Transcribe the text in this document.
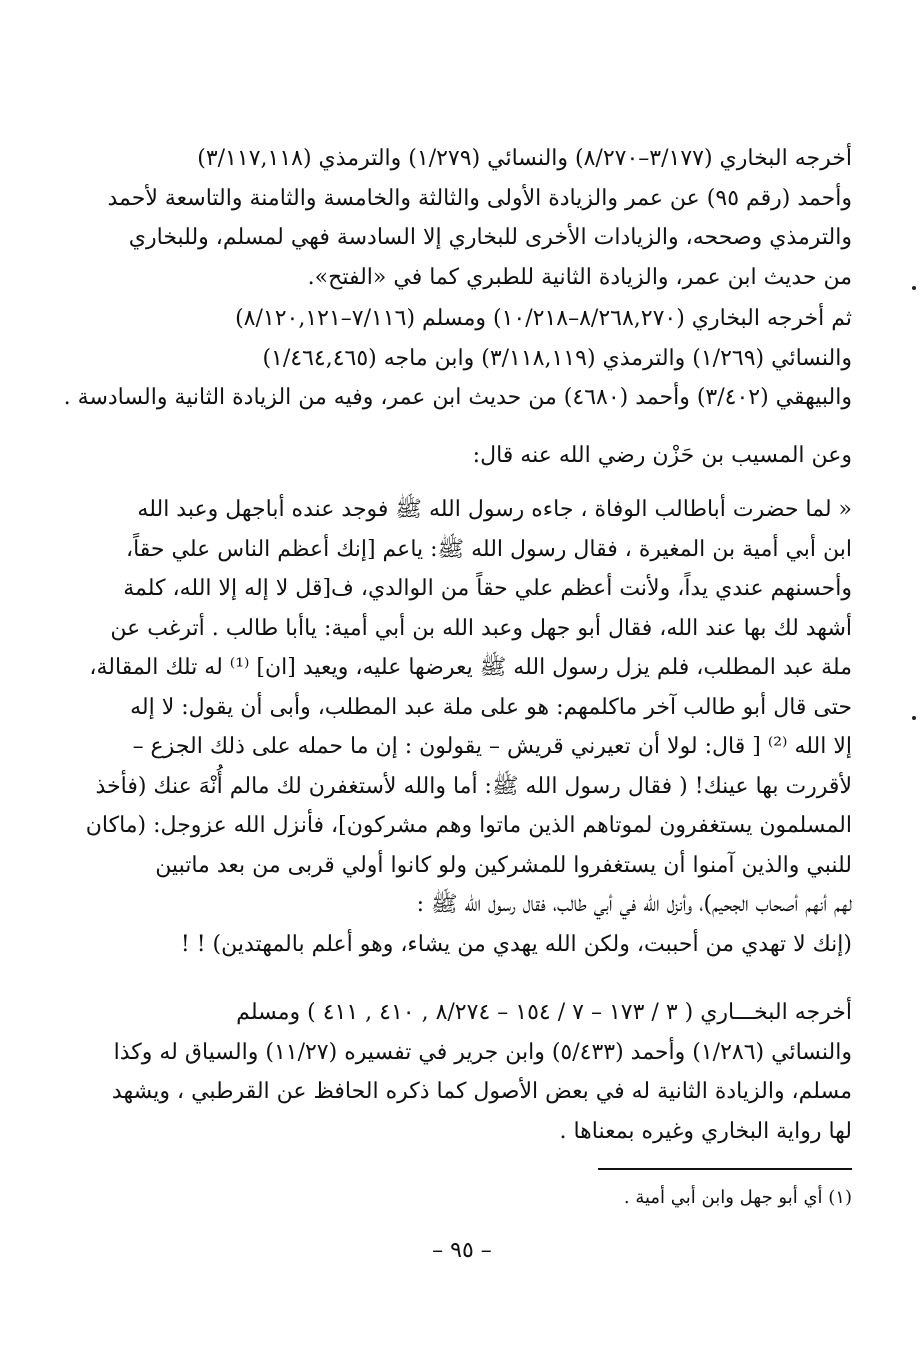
أخرجه البخاري (٣/١٧٧–٨/٢٧٠) والنسائي (١/٢٧٩) والترمذي (٣/١١٧,١١٨)
وأحمد (رقم ٩٥) عن عمر والزيادة الأولى والثالثة والخامسة والثامنة والتاسعة لأحمد
والترمذي وصححه، والزيادات الأخرى للبخاري إلا السادسة فهي لمسلم، وللبخاري
من حديث ابن عمر، والزيادة الثانية للطبري كما في «الفتح».
ثم أخرجه البخاري (٨/٢٦٨,٢٧٠–١٠/٢١٨) ومسلم (٧/١١٦–٨/١٢٠,١٢١)
والنسائي (١/٢٦٩) والترمذي (٣/١١٨,١١٩) وابن ماجه (١/٤٦٤,٤٦٥)
والبيهقي (٣/٤٠٢) وأحمد (٤٦٨٠) من حديث ابن عمر، وفيه من الزيادة الثانية والسادسة .
وعن المسيب بن حَزْن رضي الله عنه قال:
« لما حضرت أباطالب الوفاة ، جاءه رسول الله ﷺ فوجد عنده أباجهل وعبد الله
ابن أبي أمية بن المغيرة ، فقال رسول الله ﷺ: ياعم [إنك أعظم الناس علي حقاً،
وأحسنهم عندي يداً، ولأنت أعظم علي حقاً من الوالدي، ف[قل لا إله إلا الله، كلمة
أشهد لك بها عند الله، فقال أبو جهل وعبد الله بن أبي أمية: ياأبا طالب . أترغب عن
ملة عبد المطلب، فلم يزل رسول الله ﷺ يعرضها عليه، ويعيد [ان] ⁽¹⁾ له تلك المقالة،
حتى قال أبو طالب آخر ماكلمهم: هو على ملة عبد المطلب، وأبى أن يقول: لا إله
إلا الله ⁽²⁾ [ قال: لولا أن تعيرني قريش – يقولون : إن ما حمله على ذلك الجزع –
لأقررت بها عينك! ( فقال رسول الله ﷺ: أما والله لأستغفرن لك مالم أُنْهَ عنك (فأخذ
المسلمون يستغفرون لموتاهم الذين ماتوا وهم مشركون]، فأنزل الله عزوجل: (ماكان
للنبي والذين آمنوا أن يستغفروا للمشركين ولو كانوا أولي قربى من بعد ماتبين
لهم أنهم أصحاب الجحيم)، وأنزل الله في أبي طالب، فقال رسول الله ﷺ :
(إنك لا تهدي من أحببت، ولكن الله يهدي من يشاء، وهو أعلم بالمهتدين) ! !
أخرجه البخـــاري ( ٣ / ١٧٣ – ٧ / ١٥٤ – ٨/٢٧٤ , ٤١٠ , ٤١١ ) ومسلم
والنسائي (١/٢٨٦) وأحمد (٥/٤٣٣) وابن جرير في تفسيره (١١/٢٧) والسياق له وكذا
مسلم، والزيادة الثانية له في بعض الأصول كما ذكره الحافظ عن القرطبي ، ويشهد
لها رواية البخاري وغيره بمعناها .
(١) أي أبو جهل وابن أبي أمية .
– ٩٥ –
